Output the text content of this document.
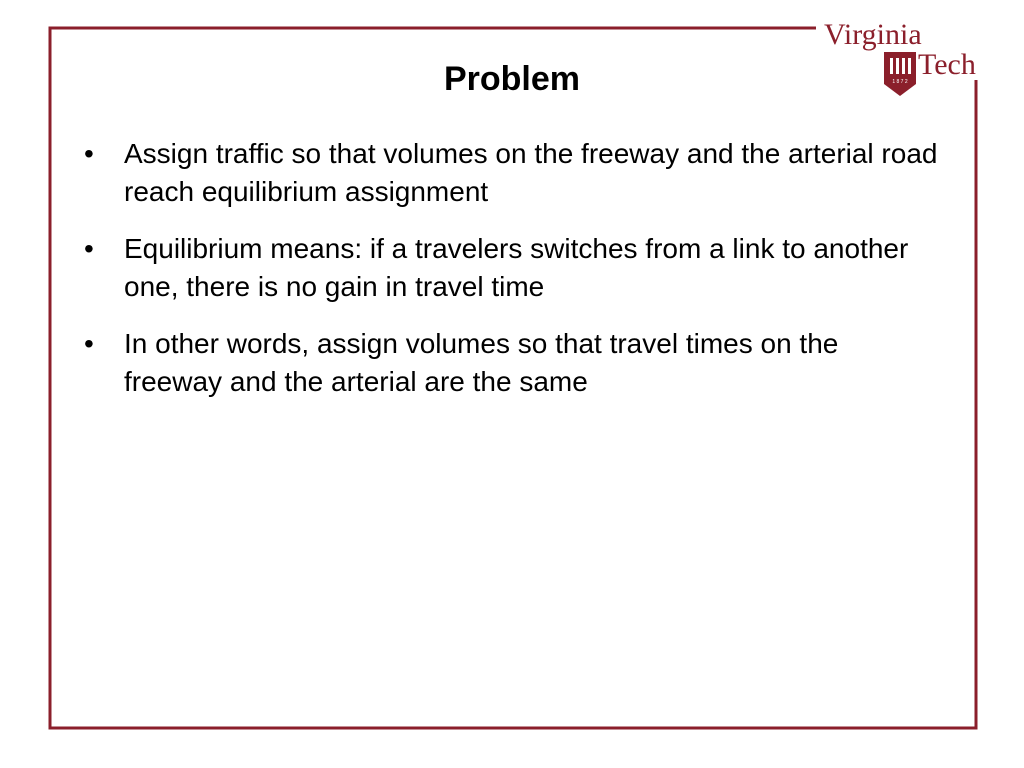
Virginia
1 8 7 2
Tech
Problem
• Assign traffic so that volumes on the freeway and the arterial road reach equilibrium assignment
• Equilibrium means: if a travelers switches from a link to another one, there is no gain in travel time
• In other words, assign volumes so that travel times on the freeway and the arterial are the same
